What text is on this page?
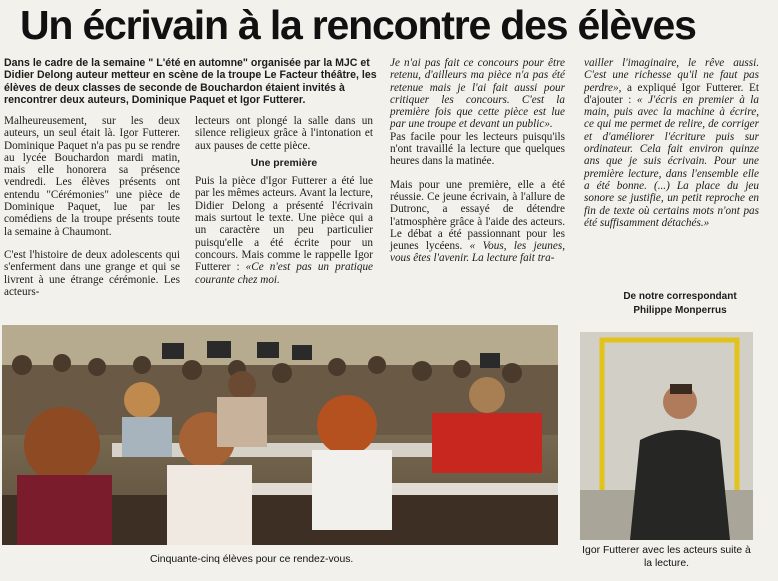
Un écrivain à la rencontre des élèves
Dans le cadre de la semaine " L'été en automne" organisée par la MJC et Didier Delong auteur metteur en scène de la troupe Le Facteur théâtre, les élèves de deux classes de seconde de Bouchardon étaient invités à rencontrer deux auteurs, Dominique Paquet et Igor Futterer.

Malheureusement, sur les deux auteurs, un seul était là. Igor Futterer. Dominique Paquet n'a pas pu se rendre au lycée Bouchardon mardi matin, mais elle honorera sa présence vendredi. Les élèves présents ont entendu "Cérémonies" une pièce de Dominique Paquet, lue par les comédiens de la troupe présents toute la semaine à Chaumont.

C'est l'histoire de deux adolescents qui s'enferment dans une grange et qui se livrent à une étrange cérémonie. Les acteurs-

lecteurs ont plongé la salle dans un silence religieux grâce à l'intonation et aux pauses de cette pièce.

Une première

Puis la pièce d'Igor Futterer a été lue par les mêmes acteurs. Avant la lecture, Didier Delong a présenté l'écrivain mais surtout le texte. Une pièce qui a un caractère un peu particulier puisqu'elle a été écrite pour un concours. Mais comme le rappelle Igor Futterer : «Ce n'est pas un pratique courante chez moi.

Je n'ai pas fait ce concours pour être retenu, d'ailleurs ma pièce n'a pas été retenue mais je l'ai fait aussi pour critiquer les concours. C'est la première fois que cette pièce est lue par une troupe et devant un public».

Pas facile pour les lecteurs puisqu'ils n'ont travaillé la lecture que quelques heures dans la matinée.

Mais pour une première, elle a été réussie. Ce jeune écrivain, à l'allure de Dutronc, a essayé de détendre l'atmosphère grâce à l'aide des acteurs. Le débat a été passionnant pour les jeunes lycéens. « Vous, les jeunes, vous êtes l'avenir. La lecture fait tra-

vailler l'imaginaire, le rêve aussi. C'est une richesse qu'il ne faut pas perdre», a expliqué Igor Futterer. Et d'ajouter : « J'écris en premier à la main, puis avec la machine à écrire, ce qui me permet de relire, de corriger et d'améliorer l'écriture puis sur ordinateur. Cela fait environ quinze ans que je suis écrivain. Pour une première lecture, dans l'ensemble elle a été bonne. (...) La place du jeu sonore se justifie, un petit reproche en fin de texte où certains mots n'ont pas été suffisamment détachés.»

De notre correspondant
Philippe Monperrus
Cinquante-cinq élèves pour ce rendez-vous.
Igor Futterer avec les acteurs suite à la lecture.
